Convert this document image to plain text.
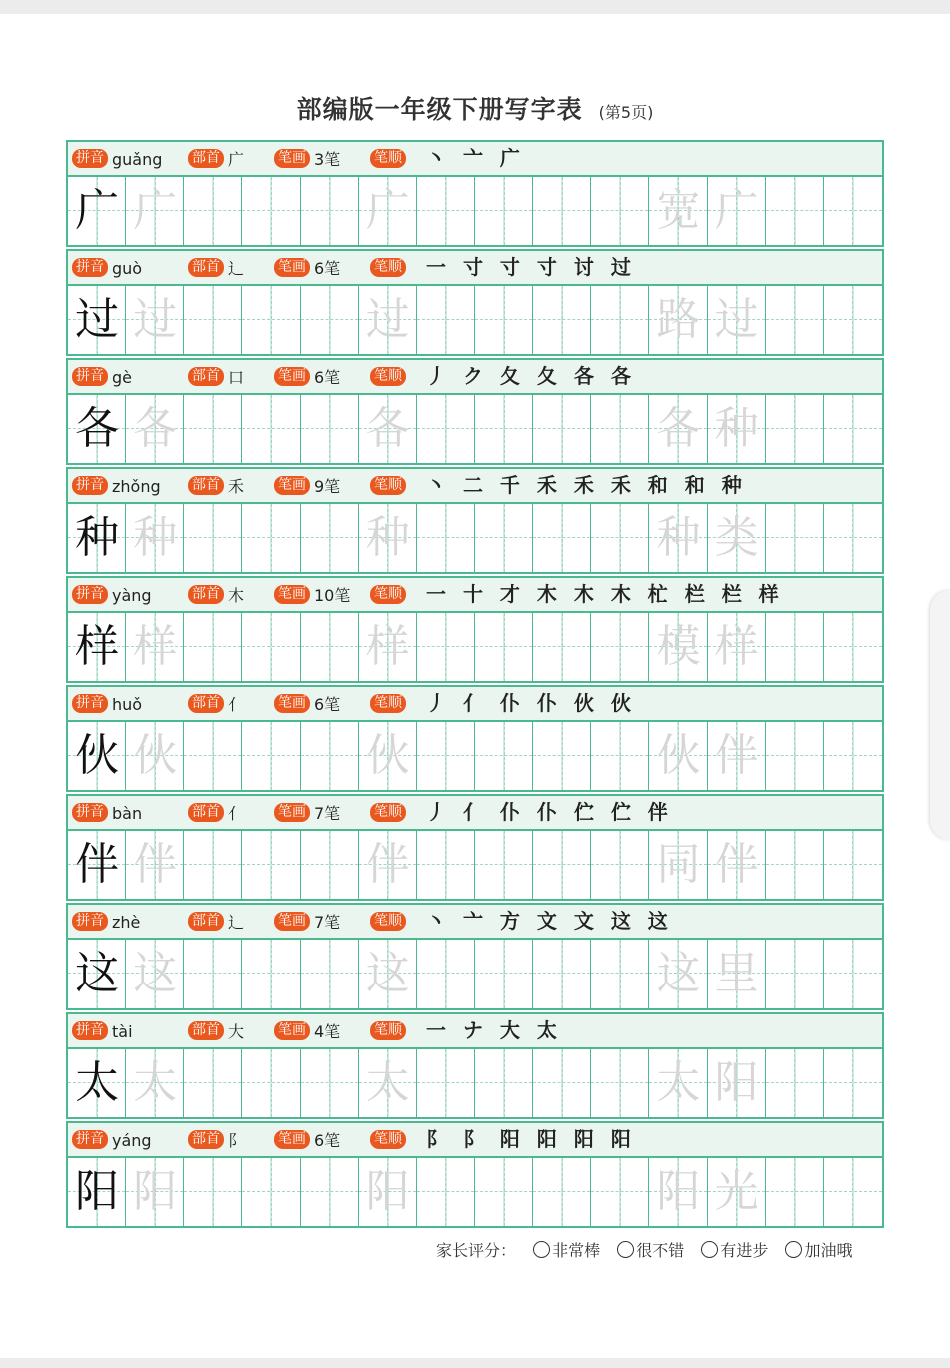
部编版一年级下册写字表 (第5页)
拼音 guǎng 部首 广 笔画 3笔 笔顺 丶 亠 广
广 广	广	宽 广
拼音 guò	部首 辶 笔画 6笔 笔顺 一 寸 寸 寸 讨 过
过 过	过	路 过
拼音 gè	部首 口 笔画 6笔 笔顺 丿 ク 夂 夂 各 各
各 各	各	各 种
拼音 zhǒng 部首 禾 笔画 9笔 笔顺 丶 二 千 禾 禾 禾 和 和 种
种 种	种	种 类
拼音 yàng	部首 木 笔画 10笔 笔顺 一 十 才 木 木 木 杧 栏 栏 样
样 样	样	模 样
拼音 huǒ	部首 亻 笔画 6笔 笔顺 丿 亻 仆 仆 伙 伙
伙 伙	伙	伙 伴
拼音 bàn	部首 亻 笔画 7笔 笔顺 丿 亻 仆 仆 伫 伫 伴
伴 伴	伴	同 伴
拼音 zhè	部首 辶 笔画 7笔 笔顺 丶 亠 方 文 文 这 这
这 这	这	这 里
拼音 tài	部首 大 笔画 4笔 笔顺 一 ナ 大 太
太 太	太	太 阳
拼音 yáng	部首 阝 笔画 6笔 笔顺 阝 阝 阳 阳 阳 阳
阳 阳	阳	阳 光
家长评分： 非常棒 很不错 有进步 加油哦
